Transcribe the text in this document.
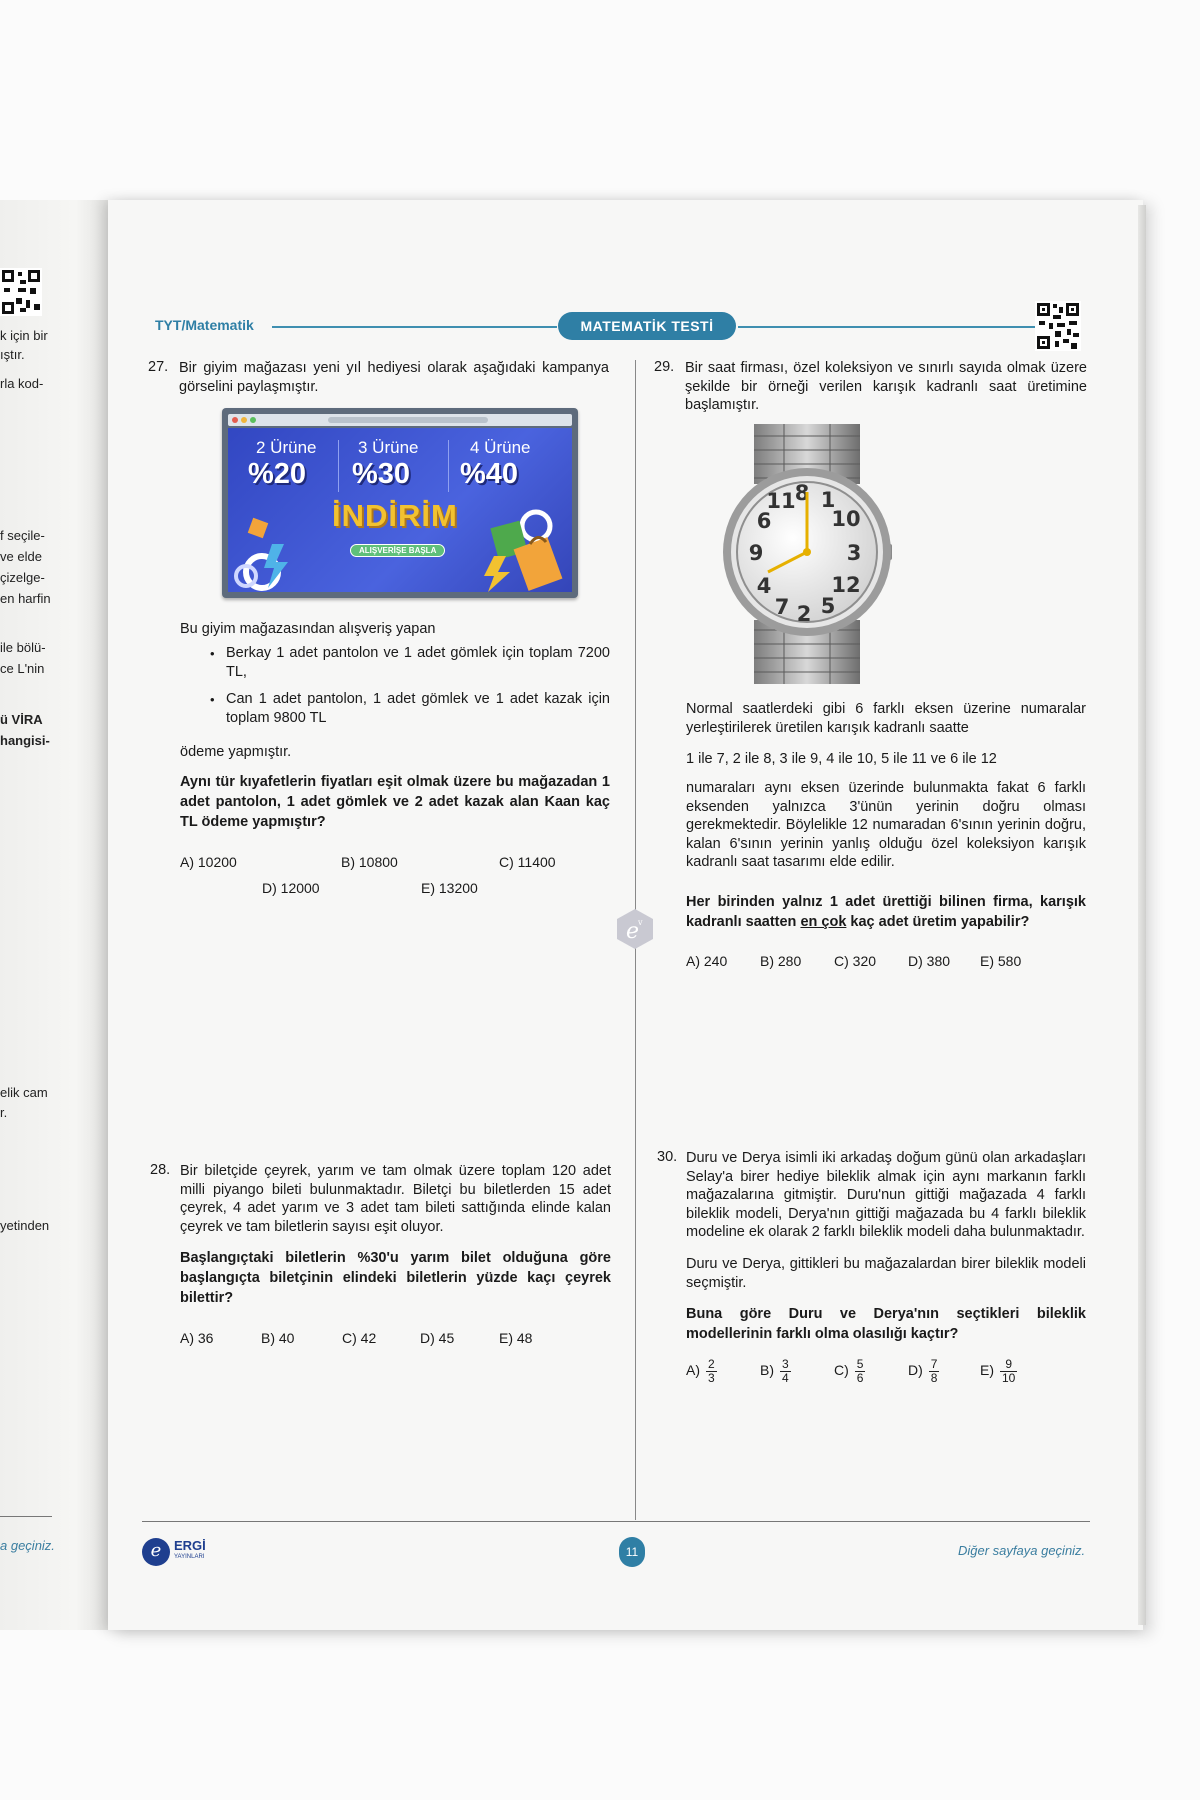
k için bir
ıştır.
rla kod-
f seçile-
ve elde
çizelge-
en harfin
ile bölü-
ce L'nin
ü VİRA
hangisi-
elik cam
r.
yetinden
a geçiniz.
TYT/Matematik	MATEMATİK TESTİ
e
v
27. Bir giyim mağazası yeni yıl hediyesi olarak aşağıdaki kampanya görselini paylaşmıştır.
2 Ürüne 3 Ürüne	4 Ürüne
%20 %30 %40
İNDİRİM
ALIŞVERİŞE BAŞLA
Bu giyim mağazasından alışveriş yapan
• Berkay 1 adet pantolon ve 1 adet gömlek için toplam 7200 TL,
• Can 1 adet pantolon, 1 adet gömlek ve 1 adet kazak için toplam 9800 TL
ödeme yapmıştır.
Aynı tür kıyafetlerin fiyatları eşit olmak üzere bu mağazadan 1 adet pantolon, 1 adet gömlek ve 2 adet kazak alan Kaan kaç TL ödeme yapmıştır?
A) 10200	B) 10800	C) 11400
D) 12000	E) 13200
28. Bir biletçide çeyrek, yarım ve tam olmak üzere toplam 120 adet milli piyango bileti bulunmaktadır. Biletçi bu biletlerden 15 adet çeyrek, 4 adet yarım ve 3 adet tam bileti sattığında elinde kalan çeyrek ve tam biletlerin sayısı eşit oluyor.
Başlangıçtaki biletlerin %30'u yarım bilet olduğuna göre başlangıçta biletçinin elindeki biletlerin yüzde kaçı çeyrek bilettir?
A) 36	B) 40	C) 42	D) 45	E) 48
29. Bir saat firması, özel koleksiyon ve sınırlı sayıda olmak üzere şekilde bir örneği verilen karışık kadranlı saat üretimine başlamıştır.
8 1
10
3
12
5
2
7
4
9
6
11
Normal saatlerdeki gibi 6 farklı eksen üzerine numaralar yerleştirilerek üretilen karışık kadranlı saatte
1 ile 7, 2 ile 8, 3 ile 9, 4 ile 10, 5 ile 11 ve 6 ile 12
numaraları aynı eksen üzerinde bulunmakta fakat 6 farklı eksenden yalnızca 3'ünün yerinin doğru olması gerekmektedir. Böylelikle 12 numaradan 6'sının yerinin doğru, kalan 6'sının yerinin yanlış olduğu özel koleksiyon karışık kadranlı saat tasarımı elde edilir.
Her birinden yalnız 1 adet ürettiği bilinen firma, karışık kadranlı saatten en çok kaç adet üretim yapabilir?
A) 240 B) 280 C) 320 D) 380 E) 580
30. Duru ve Derya isimli iki arkadaş doğum günü olan arkadaşları Selay'a birer hediye bileklik almak için aynı markanın farklı mağazalarına gitmiştir. Duru'nun gittiği mağazada 4 farklı bileklik modeli, Derya'nın gittiği mağazada bu 4 farklı bileklik modeline ek olarak 2 farklı bileklik modeli daha bulunmaktadır.
Duru ve Derya, gittikleri bu mağazalardan birer bileklik modeli seçmiştir.
Buna göre Duru ve Derya'nın seçtikleri bileklik modellerinin farklı olma olasılığı kaçtır?
$A) \frac{2}{3}$	$B) \frac{3}{4}$	$C) \frac{5}{6}$	$D) \frac{7}{8}$	$E) \frac{9}{10}$
e ERGİ
YAYINLARI	11	Diğer sayfaya geçiniz.
